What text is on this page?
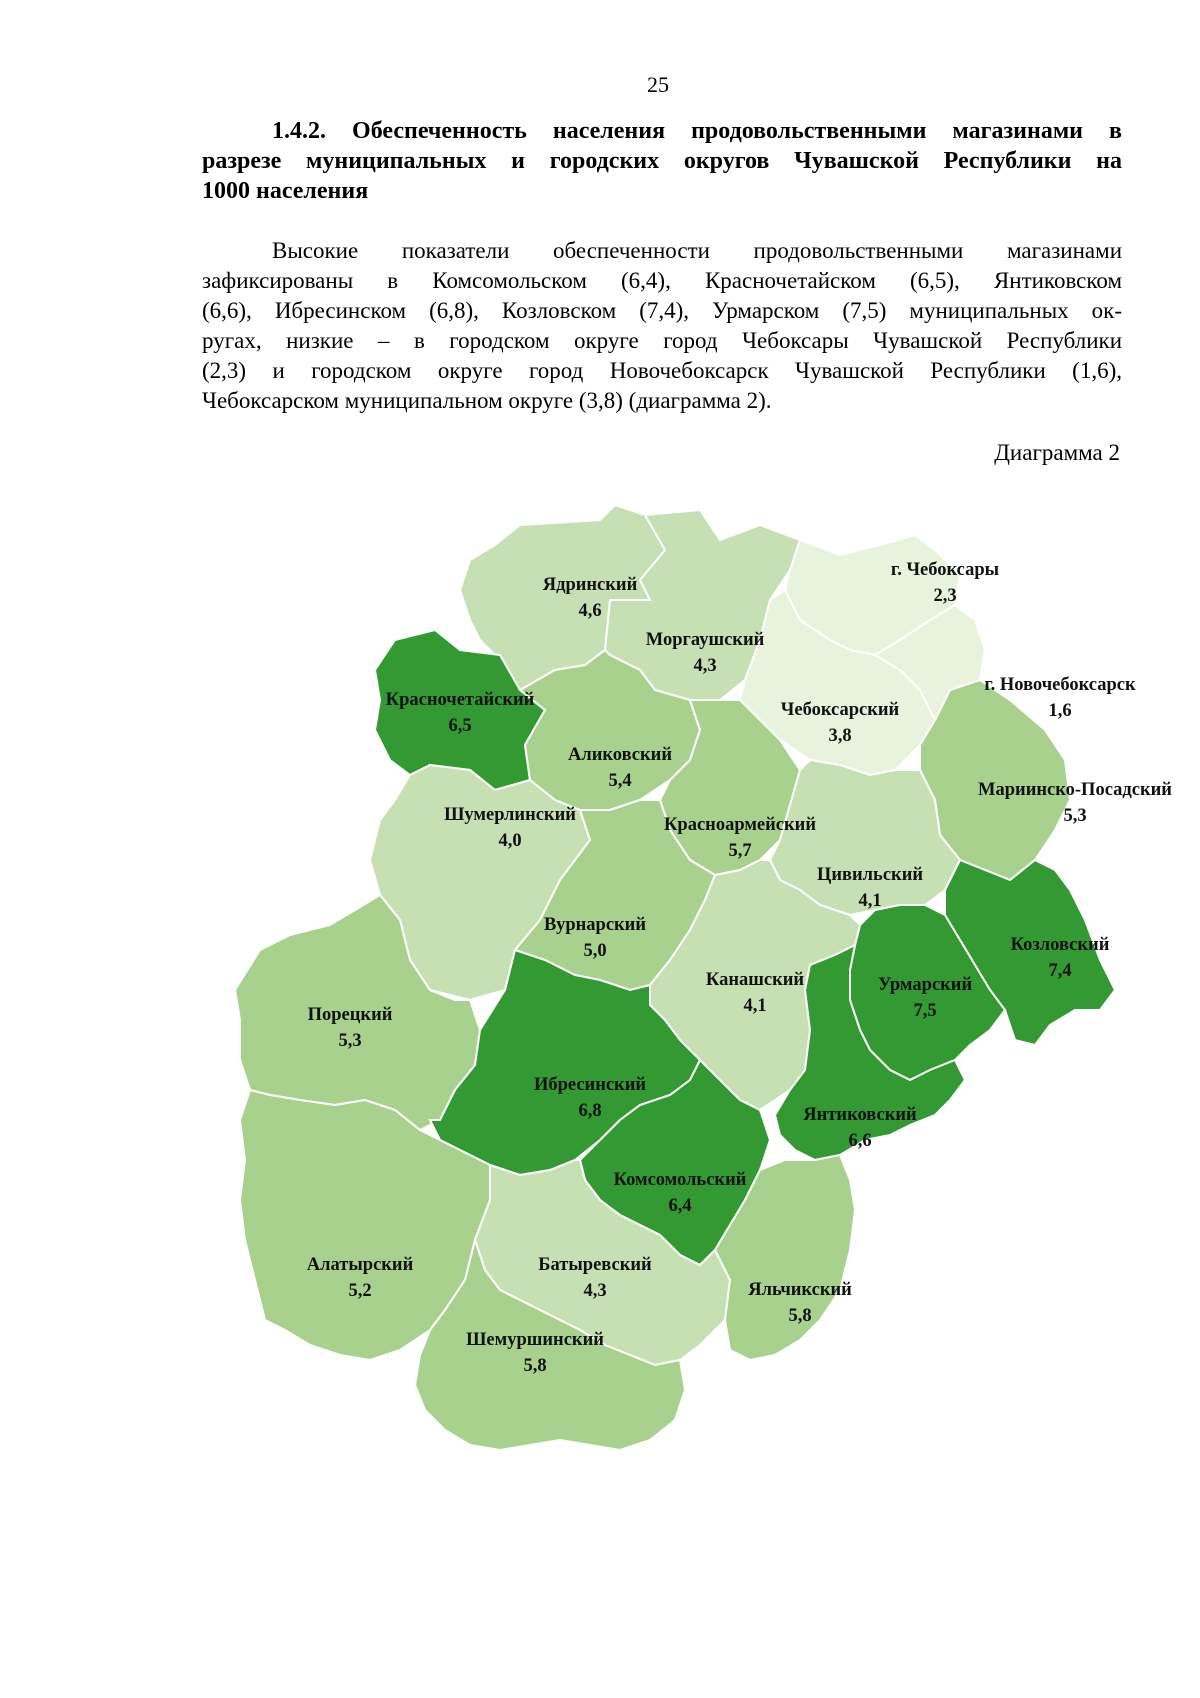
25
1.4.2. Обеспеченность населения продовольственными магазинами в
разрезе муниципальных и городских округов Чувашской Республики на
1000 населения
Высокие показатели обеспеченности продовольственными магазинами
зафиксированы в Комсомольском (6,4), Красночетайском (6,5), Янтиковском
(6,6), Ибресинском (6,8), Козловском (7,4), Урмарском (7,5) муниципальных ок-
ругах, низкие – в городском округе город Чебоксары Чувашской Республики
(2,3) и городском округе город Новочебоксарск Чувашской Республики (1,6),
Чебоксарском муниципальном округе (3,8) (диаграмма 2).
Диаграмма 2
Ядринский
4,6
Моргаушский
4,3
г. Чебоксары
2,3
Чебоксарский
3,8
г. Новочебоксарск
1,6
Красночетайский
6,5
Аликовский
5,4
Шумерлинский
4,0
Красноармейский
5,7
Мариинско-Посадский
5,3
Цивильский
4,1
Козловский
7,4
Вурнарский
5,0
Урмарский
7,5
Канашский
4,1
Порецкий
5,3
Ибресинский
6,8	Янтиковский
6,6
Комсомольский
6,4
Алатырский
5,2
Батыревский
4,3	Яльчикский
5,8
Шемуршинский
5,8
